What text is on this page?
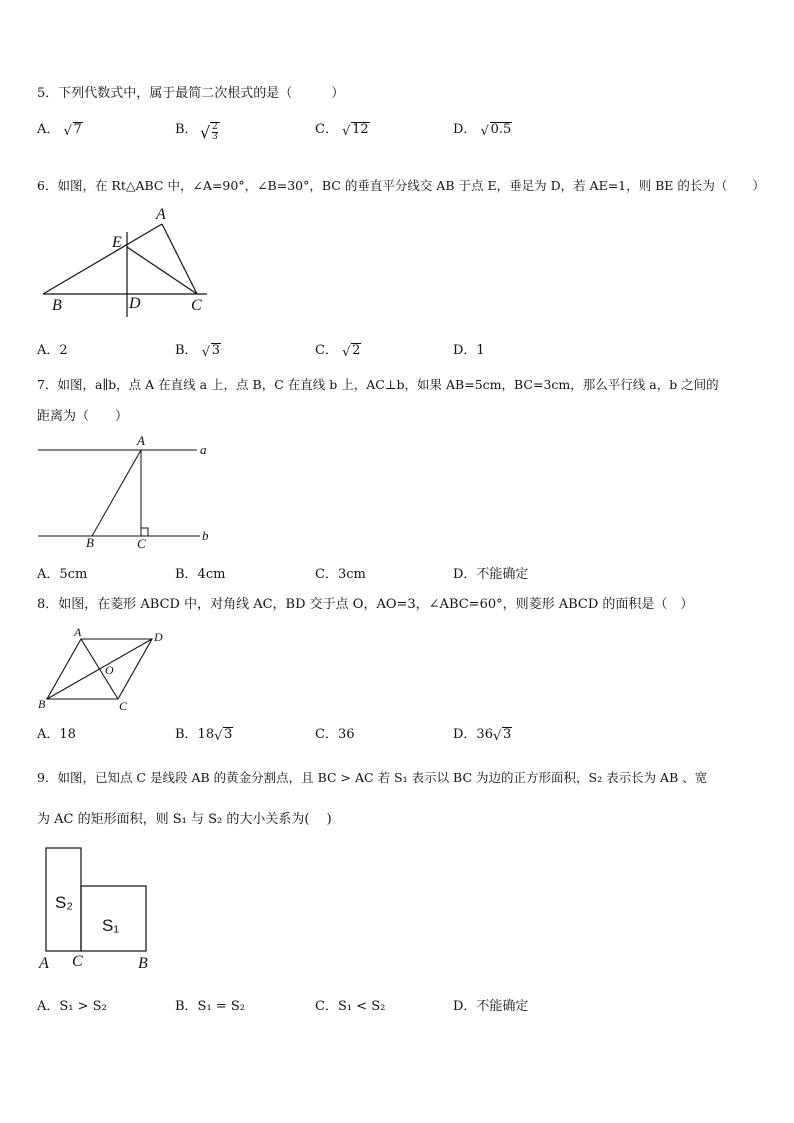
5．下列代数式中，属于最简二次根式的是（　　　）
A． √ 7	B． √ $\frac{2}{3}$	C． √ 12	D． √ 0.5
6．如图，在 Rt△ABC 中，∠A=90°，∠B=30°，BC 的垂直平分线交 AB 于点 E，垂足为 D，若 AE=1，则 BE 的长为（　　）
A
E
B	D	C
A．2	B． √ 3	C． √ 2	D．1
7．如图，a∥b，点 A 在直线 a 上，点 B，C 在直线 b 上，AC⊥b，如果 AB=5cm，BC=3cm，那么平行线 a，b 之间的
距离为（　　）
A
a
B	C
b
A．5cm	B．4cm	C．3cm	D．不能确定
8．如图，在菱形 ABCD 中，对角线 AC，BD 交于点 O，AO=3，∠ABC=60°，则菱形 ABCD 的面积是（　）
A	D
O
B	C
A．18	B．18 √ 3	C．36	D．36 √ 3
9．如图，已知点 C 是线段 AB 的黄金分割点，且 BC > AC 若 S₁ 表示以 BC 为边的正方形面积，S₂ 表示长为 AB 、宽
为 AC 的矩形面积，则 S₁ 与 S₂ 的大小关系为(　 )
S₂
S₁
A C	B
A．S₁ > S₂	B．S₁ = S₂	C．S₁ < S₂	D．不能确定
